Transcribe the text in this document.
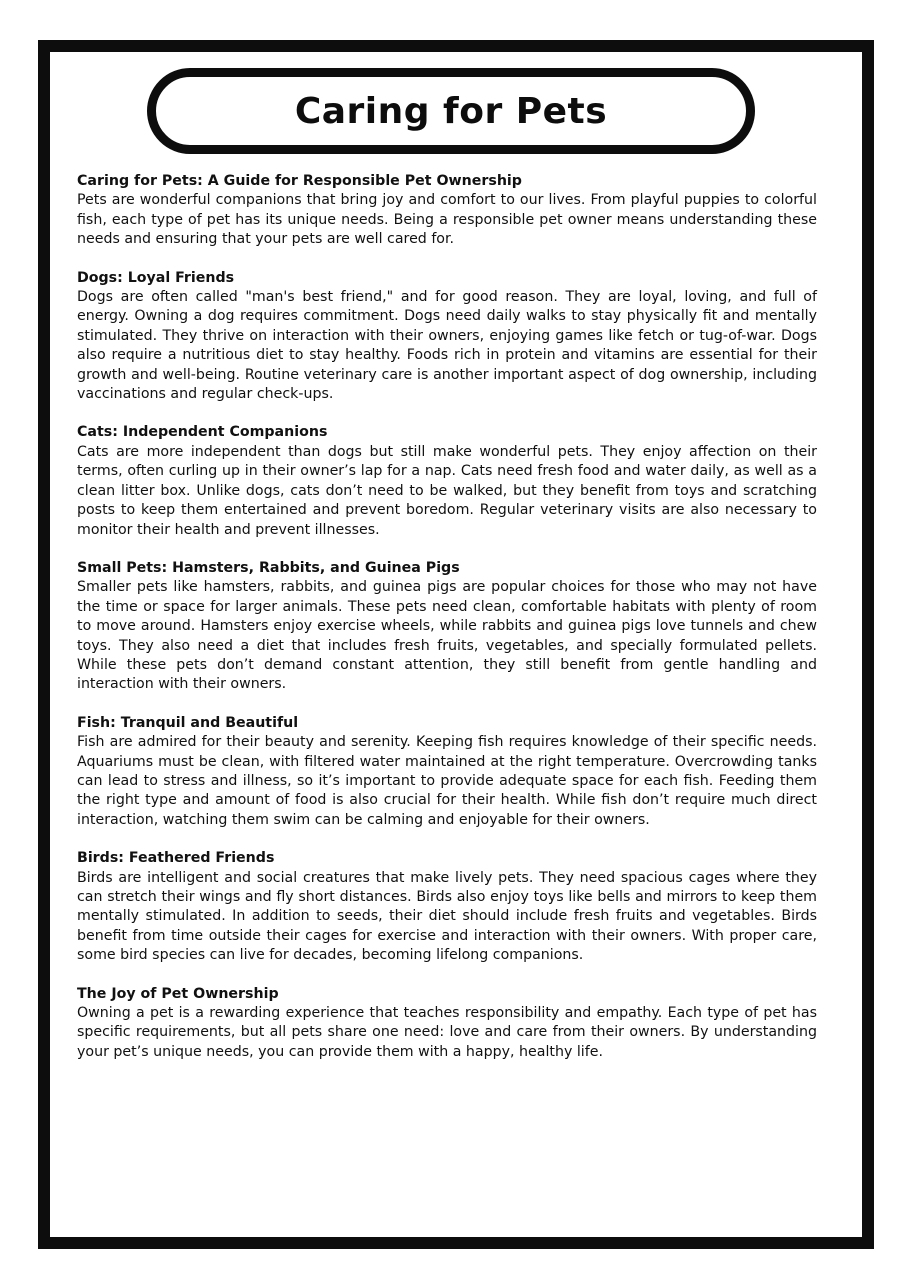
Caring for Pets
Caring for Pets: A Guide for Responsible Pet Ownership

Pets are wonderful companions that bring joy and comfort to our lives. From playful puppies to colorful fish, each type of pet has its unique needs. Being a responsible pet owner means understanding these needs and ensuring that your pets are well cared for.

Dogs: Loyal Friends

Dogs are often called "man's best friend," and for good reason. They are loyal, loving, and full of energy. Owning a dog requires commitment. Dogs need daily walks to stay physically fit and mentally stimulated. They thrive on interaction with their owners, enjoying games like fetch or tug-of-war. Dogs also require a nutritious diet to stay healthy. Foods rich in protein and vitamins are essential for their growth and well-being. Routine veterinary care is another important aspect of dog ownership, including vaccinations and regular check-ups.

Cats: Independent Companions

Cats are more independent than dogs but still make wonderful pets. They enjoy affection on their terms, often curling up in their owner’s lap for a nap. Cats need fresh food and water daily, as well as a clean litter box. Unlike dogs, cats don’t need to be walked, but they benefit from toys and scratching posts to keep them entertained and prevent boredom. Regular veterinary visits are also necessary to monitor their health and prevent illnesses.

Small Pets: Hamsters, Rabbits, and Guinea Pigs

Smaller pets like hamsters, rabbits, and guinea pigs are popular choices for those who may not have the time or space for larger animals. These pets need clean, comfortable habitats with plenty of room to move around. Hamsters enjoy exercise wheels, while rabbits and guinea pigs love tunnels and chew toys. They also need a diet that includes fresh fruits, vegetables, and specially formulated pellets. While these pets don’t demand constant attention, they still benefit from gentle handling and interaction with their owners.

Fish: Tranquil and Beautiful

Fish are admired for their beauty and serenity. Keeping fish requires knowledge of their specific needs. Aquariums must be clean, with filtered water maintained at the right temperature. Overcrowding tanks can lead to stress and illness, so it’s important to provide adequate space for each fish. Feeding them the right type and amount of food is also crucial for their health. While fish don’t require much direct interaction, watching them swim can be calming and enjoyable for their owners.

Birds: Feathered Friends

Birds are intelligent and social creatures that make lively pets. They need spacious cages where they can stretch their wings and fly short distances. Birds also enjoy toys like bells and mirrors to keep them mentally stimulated. In addition to seeds, their diet should include fresh fruits and vegetables. Birds benefit from time outside their cages for exercise and interaction with their owners. With proper care, some bird species can live for decades, becoming lifelong companions.

The Joy of Pet Ownership

Owning a pet is a rewarding experience that teaches responsibility and empathy. Each type of pet has specific requirements, but all pets share one need: love and care from their owners. By understanding your pet’s unique needs, you can provide them with a happy, healthy life.
